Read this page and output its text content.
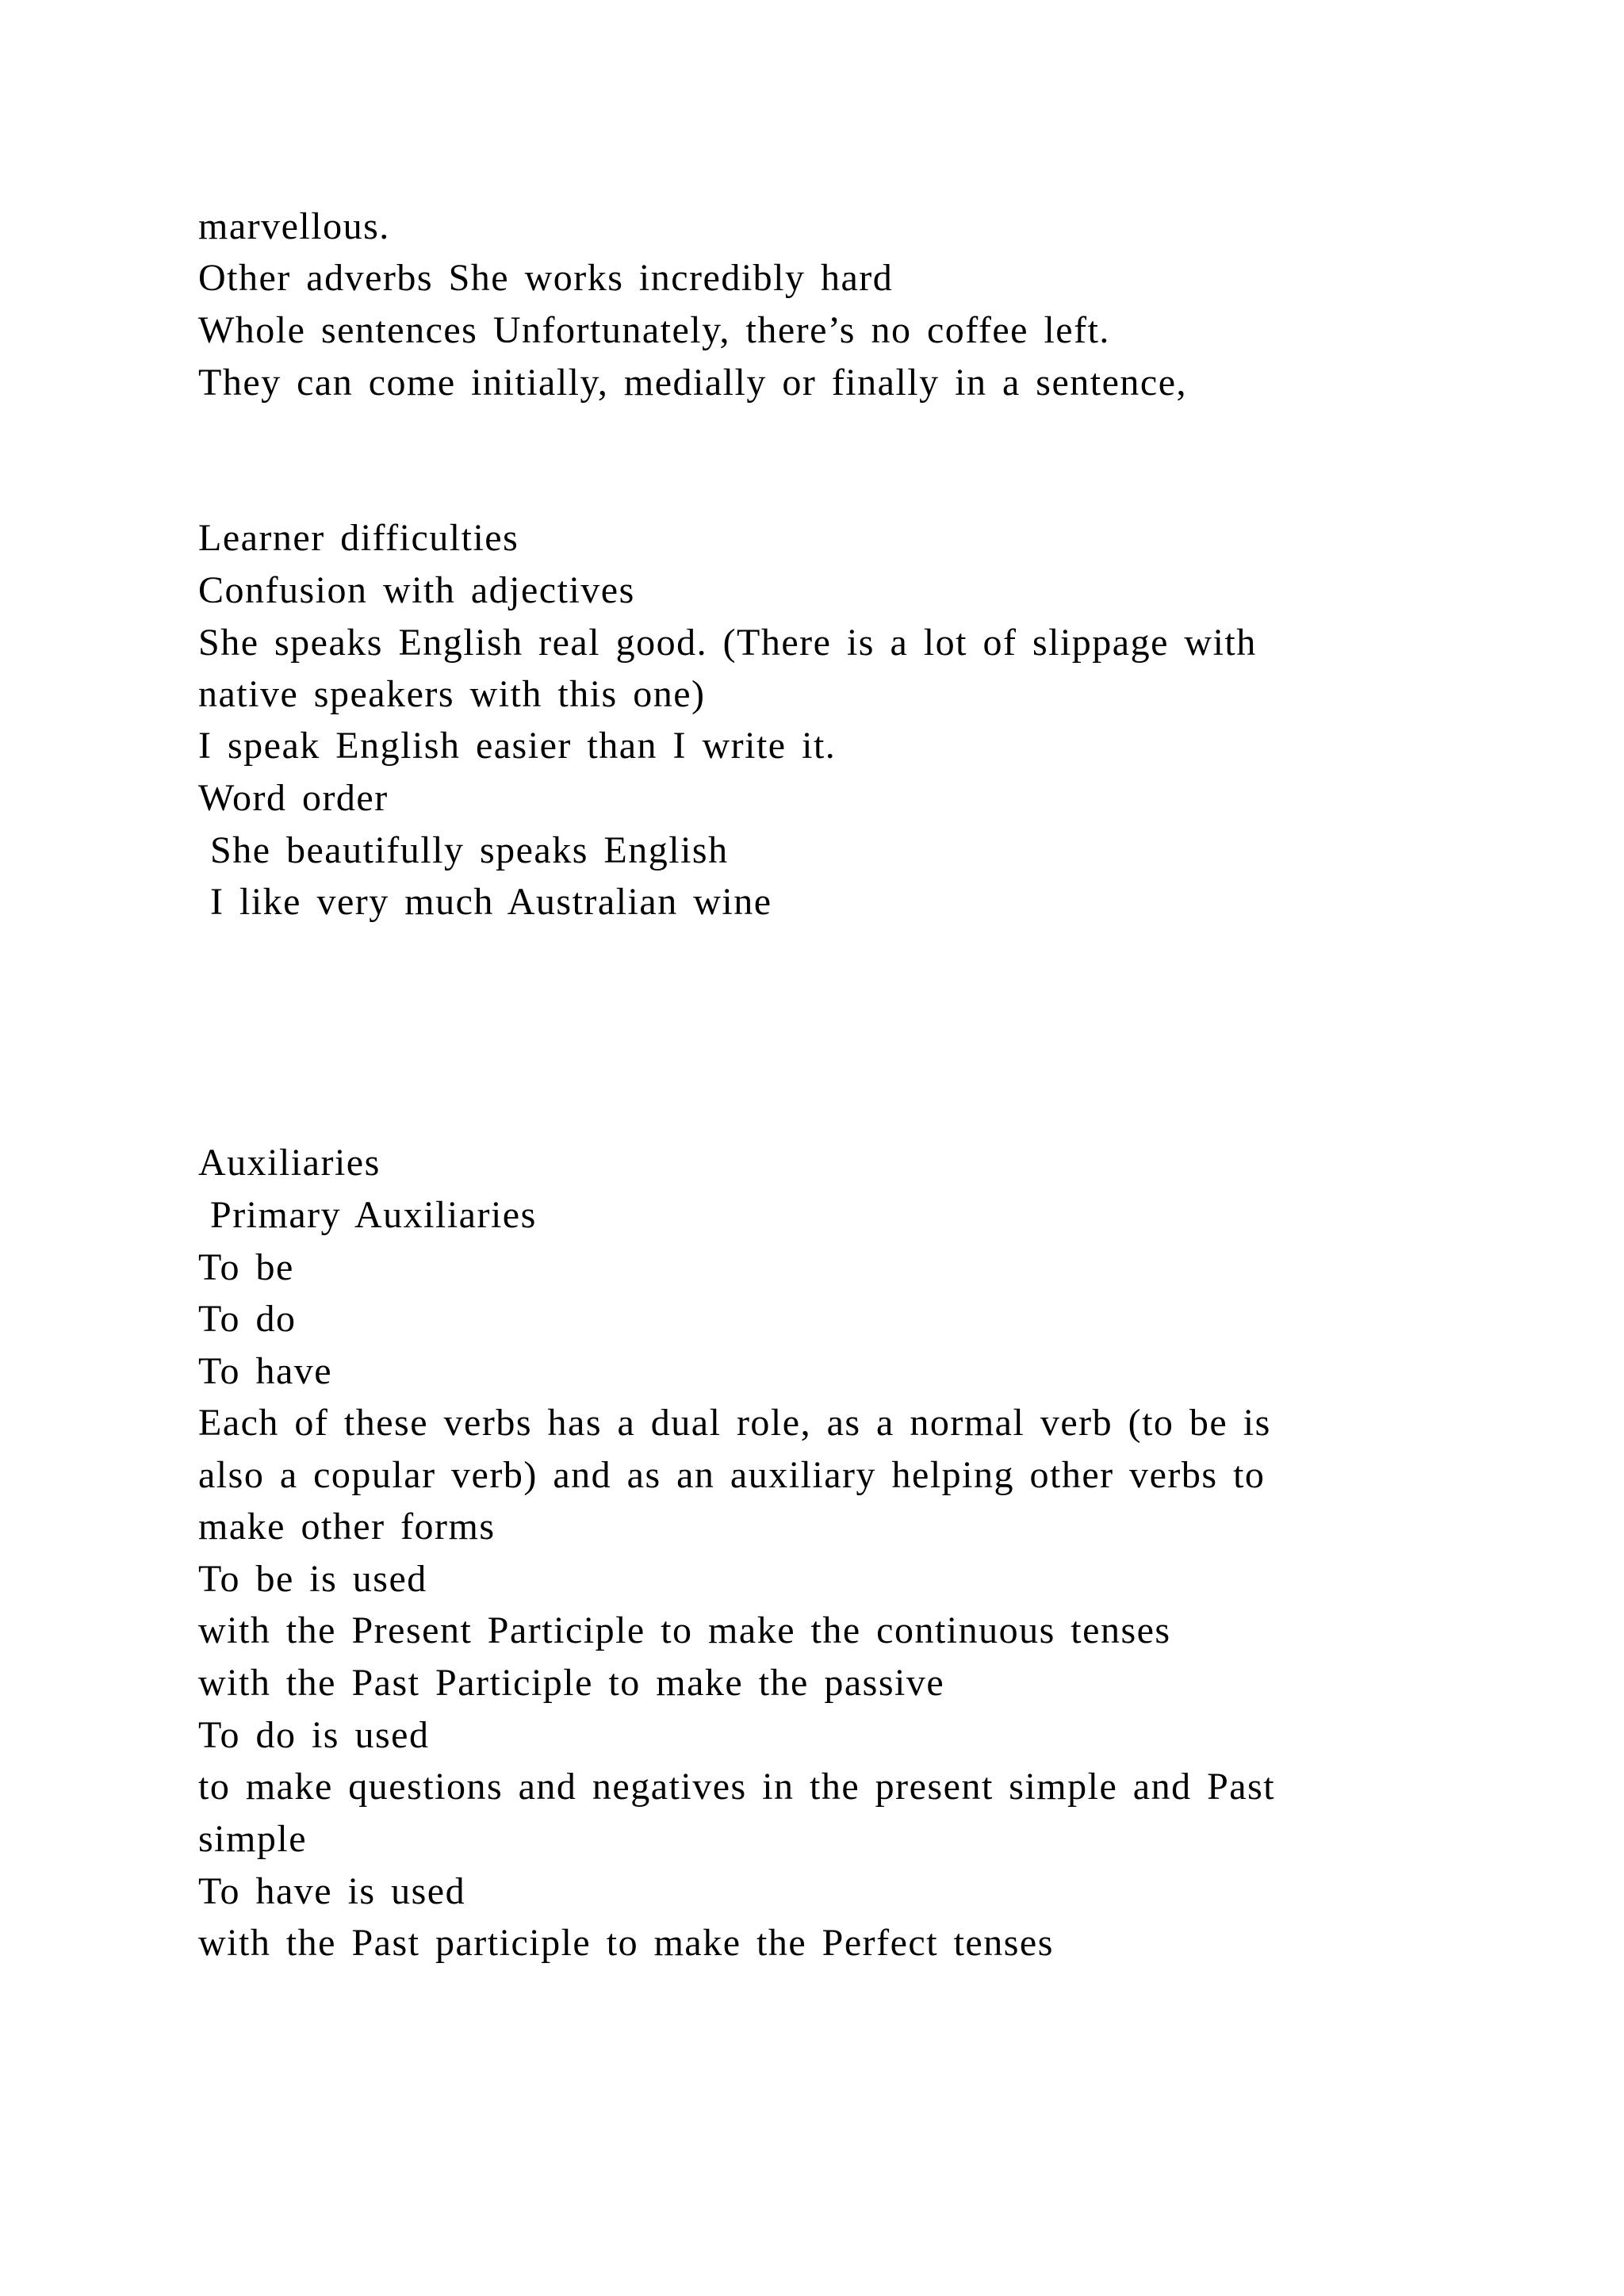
marvellous.

Other adverbs She works incredibly hard

Whole sentences Unfortunately, there’s no coffee left.

They can come initially, medially or finally in a sentence,

Learner difficulties

Confusion with adjectives

She speaks English real good. (There is a lot of slippage with

native speakers with this one)

I speak English easier than I write it.

Word order

She beautifully speaks English

I like very much Australian wine

Auxiliaries

Primary Auxiliaries

To be

To do

To have

Each of these verbs has a dual role, as a normal verb (to be is

also a copular verb) and as an auxiliary helping other verbs to

make other forms

To be is used

with the Present Participle to make the continuous tenses

with the Past Participle to make the passive

To do is used

to make questions and negatives in the present simple and Past

simple

To have is used

with the Past participle to make the Perfect tenses
